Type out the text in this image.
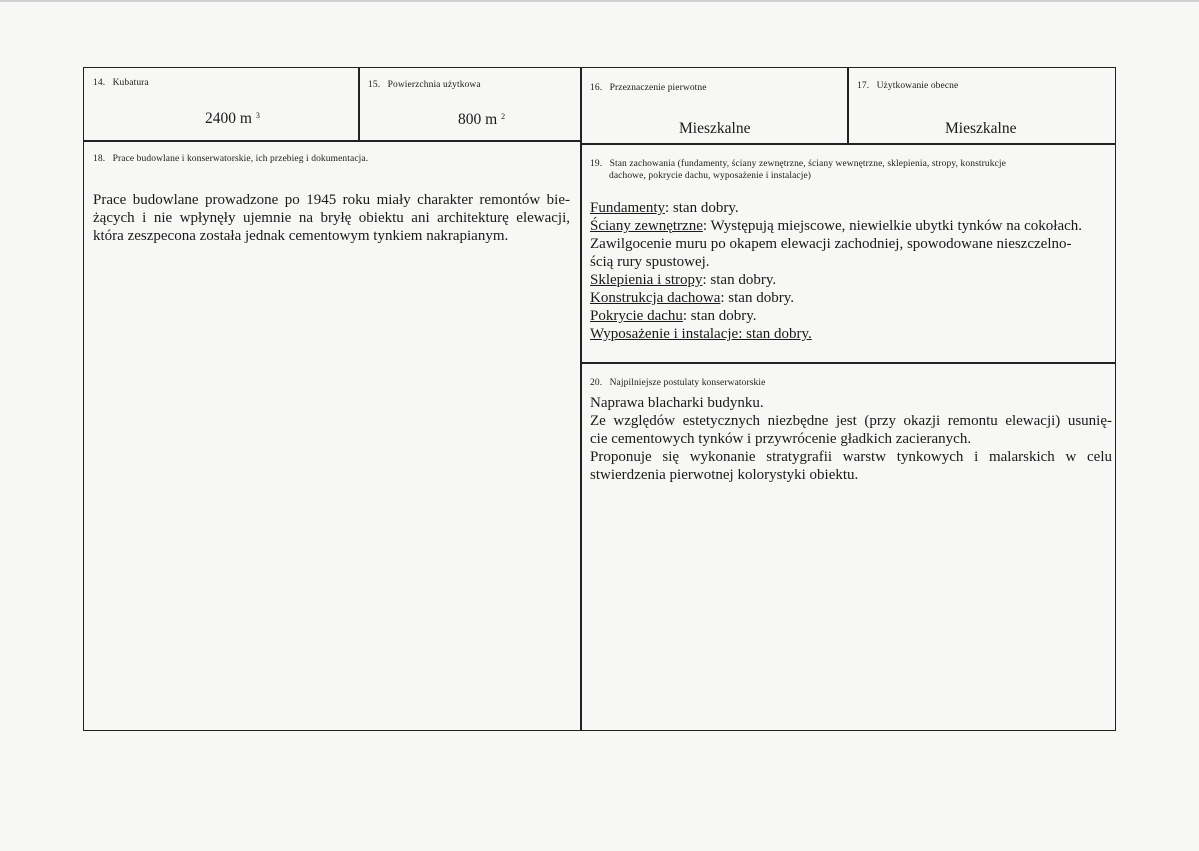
14.   Kubatura
2400 m $^3$
15.   Powierzchnia użytkowa
800 m $^2$
16.   Przeznaczenie pierwotne
Mieszkalne
17.   Użytkowanie obecne
Mieszkalne
18.   Prace budowlane i konserwatorskie, ich przebieg i dokumentacja.
Prace budowlane prowadzone po 1945 roku miały charakter remontów bie-
żących i nie wpłynęły ujemnie na bryłę obiektu ani architekturę elewacji,
która zeszpecona została jednak cementowym tynkiem nakrapianym.
19.   Stan zachowania (fundamenty, ściany zewnętrzne, ściany wewnętrzne, sklepienia, stropy, konstrukcje
dachowe, pokrycie dachu, wyposażenie i instalacje)
Fundamenty: stan dobry.
Ściany zewnętrzne: Występują miejscowe, niewielkie ubytki tynków na cokołach.
Zawilgocenie muru po okapem elewacji zachodniej, spowodowane nieszczelno-
ścią rury spustowej.
Sklepienia i stropy: stan dobry.
Konstrukcja dachowa: stan dobry.
Pokrycie dachu: stan dobry.
Wyposażenie i instalacje: stan dobry.
20.   Najpilniejsze postulaty konserwatorskie
Naprawa blacharki budynku.
Ze względów estetycznych niezbędne jest (przy okazji remontu elewacji) usunię-
cie cementowych tynków i przywrócenie gładkich zacieranych.
Proponuje się wykonanie stratygrafii warstw tynkowych i malarskich w celu
stwierdzenia pierwotnej kolorystyki obiektu.
